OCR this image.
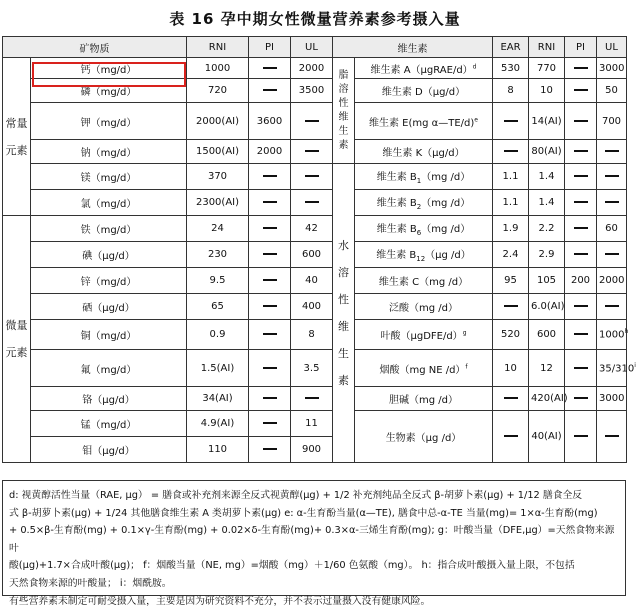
表 16 孕中期女性微量营养素参考摄入量
矿物质		RNI	PI	UL	维生素		EAR	RNI	PI	UL
常量元素	钙（mg/d）	1000		2000	脂溶性维生素	维生素 A（μgRAE/d）$^d$	530	770		3000
	磷（mg/d）	720		3500		维生素 D（μg/d）	8	10		50
	钾（mg/d）	2000(AI)	3600			维生素 E(mg α—TE/d)$^e$		14(AI)		700
	钠（mg/d）	1500(AI)	2000			维生素 K（μg/d）		80(AI)		
	镁（mg/d）	370			水溶性维生素	维生素 $B_1(mg$ /d）	1.1	1.4		
	氯（mg/d）	2300(AI)				维生素 $B_2(mg$ /d）	1.1	1.4		
微量元素	铁（mg/d）	24		42		维生素 $B_6(mg$ /d）	1.9	2.2		60
	碘（μg/d）	230		600		维生素 $B_{12}(\mu g$ /d）	2.4	2.9		
	锌（mg/d）	9.5		40		维生素 C（mg /d）	95	105	200	2000
	硒（μg/d）	65		400		泛酸（mg /d）		6.0(AI)		
	铜（mg/d）	0.9		8		叶酸（μgDFE/d）$^g$	520	600		1000$^h$
	氟（mg/d）	1.5(AI)		3.5		烟酸（mg NE /d）$^f$	10	12		35/310$^i$
	铬（μg/d）	34(AI)				胆碱（mg /d）		420(AI)		3000
	锰（mg/d）	4.9(AI)		11		生物素（μg /d）		40(AI)		
	钼（μg/d）	110		900						
d: 视黄醇活性当量（RAE, μg） = 膳食或补充剂来源全反式视黄醇(μg) + 1/2 补充剂纯品全反式 β-胡萝卜素(μg) + 1/12 膳食全反
式 β-胡萝卜素(μg) + 1/24 其他膳食维生素 A 类胡萝卜素(μg) e: α-生育酚当量(α—TE), 膳食中总-α-TE 当量(mg)= 1×α-生育酚(mg)
+ 0.5×β-生育酚(mg) + 0.1×γ-生育酚(mg) + 0.02×δ-生育酚(mg)+ 0.3×α-三烯生育酚(mg); g：叶酸当量（DFE,μg）=天然食物来源叶
酸(μg)+1.7×合成叶酸(μg)； f：烟酸当量（NE, mg）=烟酸（mg）＋1/60 色氨酸（mg）。 h：指合成叶酸摄入量上限，不包括
天然食物来源的叶酸量； i：烟酰胺。
有些营养素未制定可耐受摄入量，主要是因为研究资料不充分，并不表示过量摄入没有健康风险。
